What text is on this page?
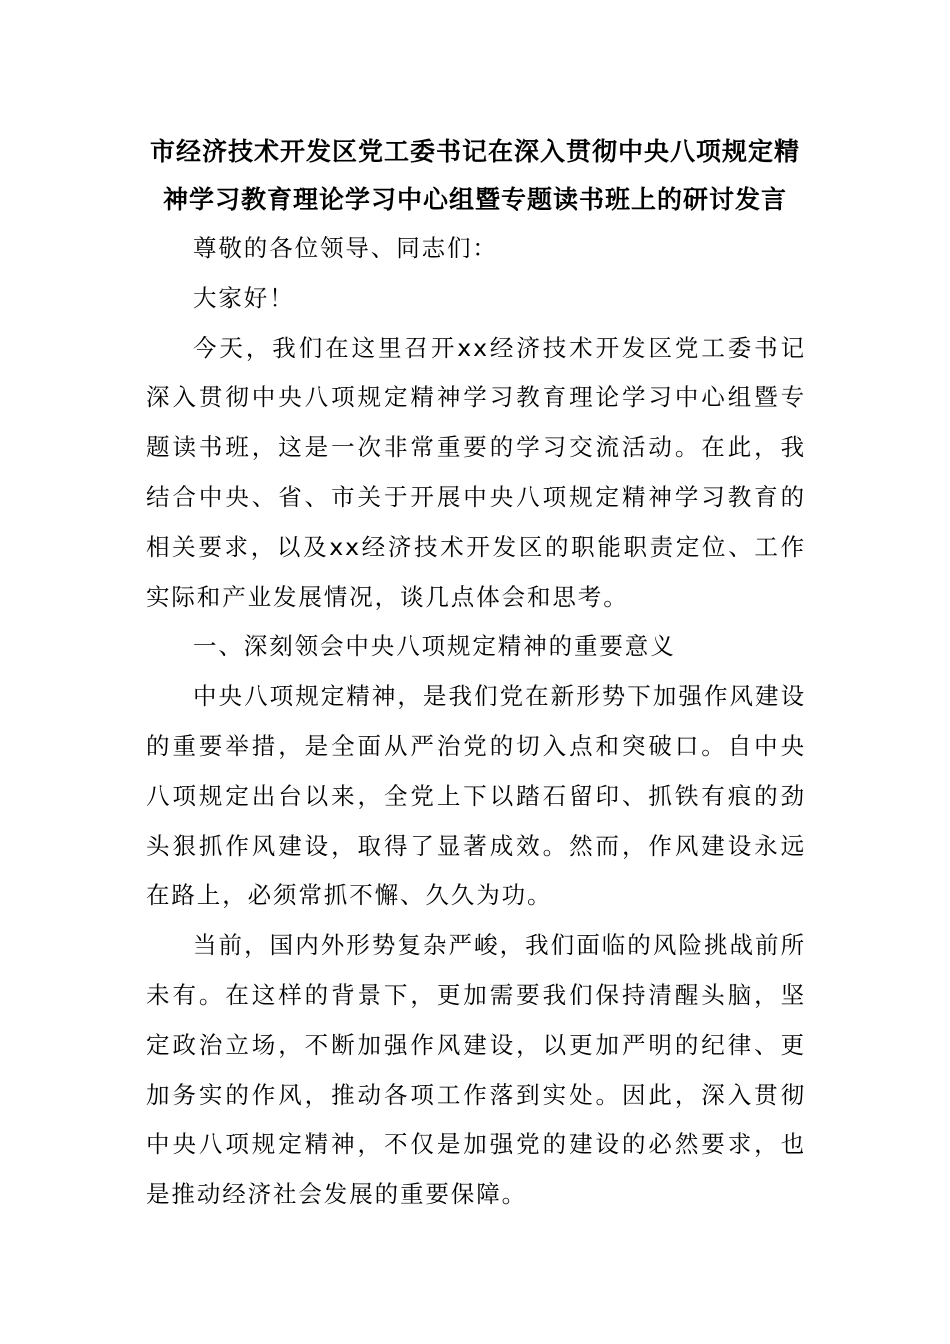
市经济技术开发区党工委书记在深入贯彻中央八项规定精
神学习教育理论学习中心组暨专题读书班上的研讨发言

尊敬的各位领导、同志们：

大家好！

今天，我们在这里召开xx经济技术开发区党工委书记深入贯彻中央八项规定精神学习教育理论学习中心组暨专题读书班，这是一次非常重要的学习交流活动。在此，我结合中央、省、市关于开展中央八项规定精神学习教育的相关要求，以及xx经济技术开发区的职能职责定位、工作实际和产业发展情况，谈几点体会和思考。

一、深刻领会中央八项规定精神的重要意义

中央八项规定精神，是我们党在新形势下加强作风建设的重要举措，是全面从严治党的切入点和突破口。自中央八项规定出台以来，全党上下以踏石留印、抓铁有痕的劲头狠抓作风建设，取得了显著成效。然而，作风建设永远在路上，必须常抓不懈、久久为功。

当前，国内外形势复杂严峻，我们面临的风险挑战前所未有。在这样的背景下，更加需要我们保持清醒头脑，坚定政治立场，不断加强作风建设，以更加严明的纪律、更加务实的作风，推动各项工作落到实处。因此，深入贯彻中央八项规定精神，不仅是加强党的建设的必然要求，也是推动经济社会发展的重要保障。
